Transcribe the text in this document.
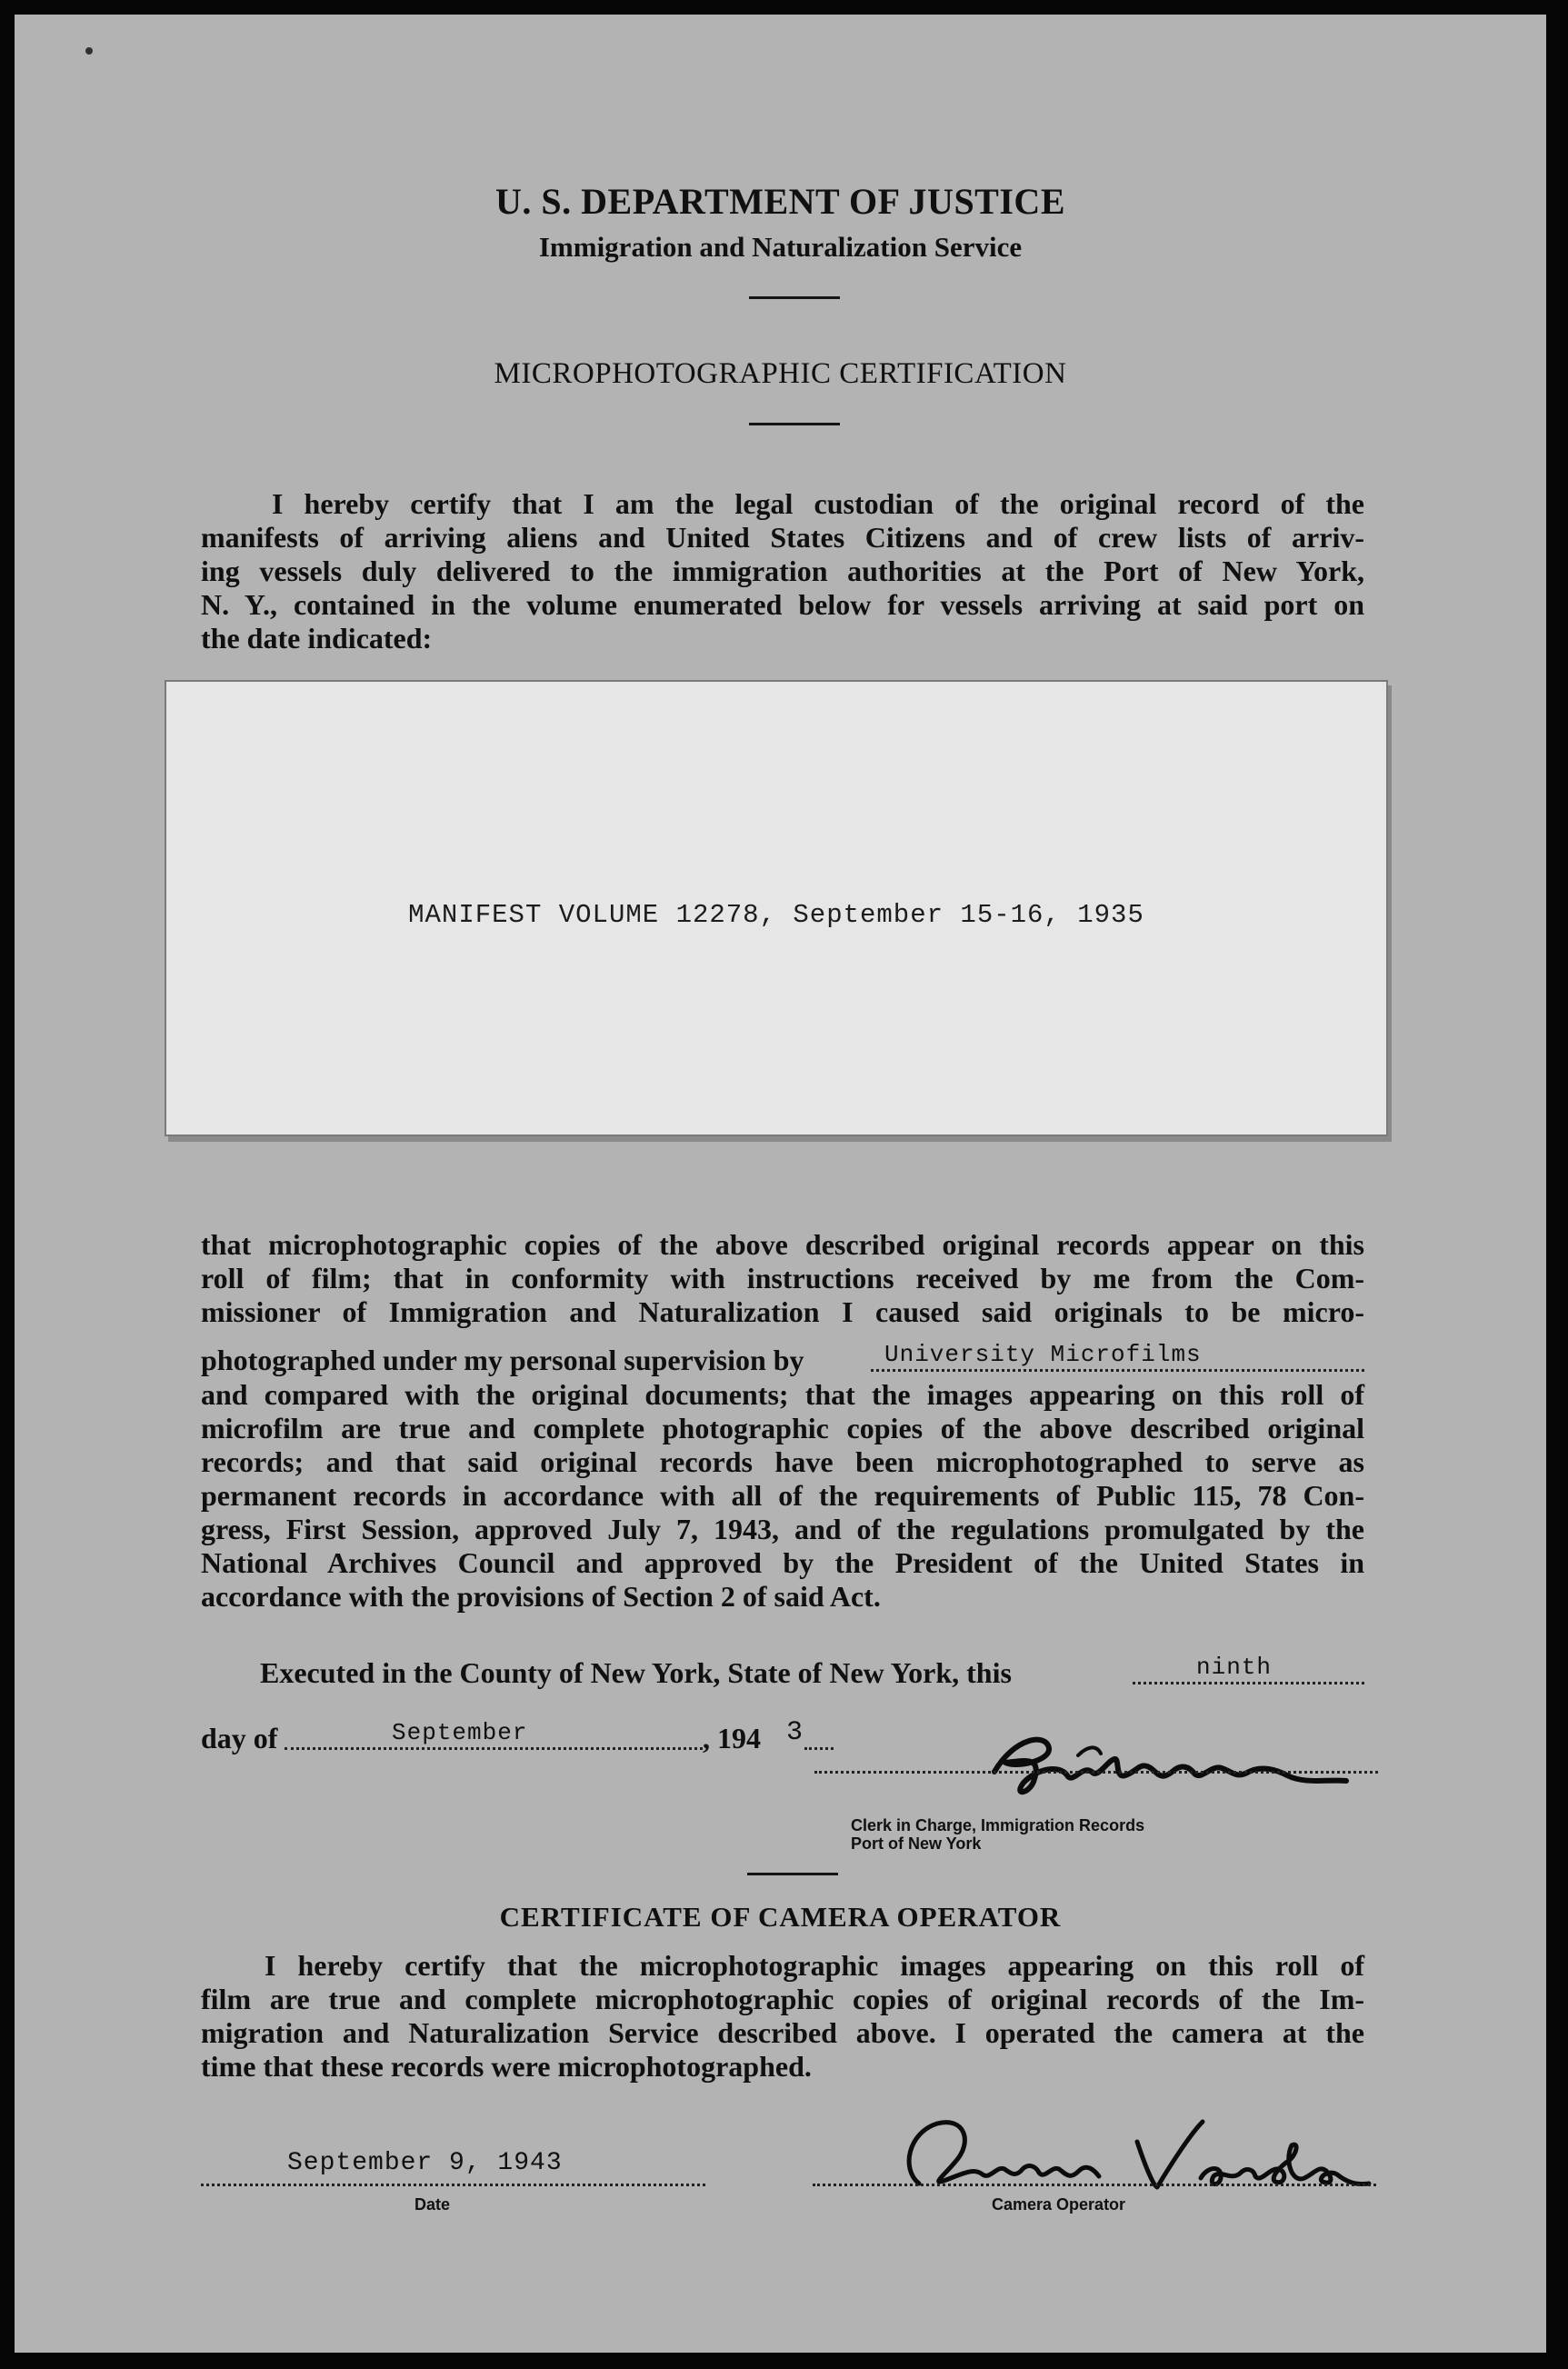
U. S. DEPARTMENT OF JUSTICE
Immigration and Naturalization Service
MICROPHOTOGRAPHIC CERTIFICATION
I hereby certify that I am the legal custodian of the original record of the
manifests of arriving aliens and United States Citizens and of crew lists of arriv-
ing vessels duly delivered to the immigration authorities at the Port of New York,
N. Y., contained in the volume enumerated below for vessels arriving at said port on
the date indicated:
MANIFEST VOLUME 12278, September 15-16, 1935
that microphotographic copies of the above described original records appear on this
roll of film; that in conformity with instructions received by me from the Com-
missioner of Immigration and Naturalization I caused said originals to be micro-
photographed under my personal supervision by	University Microfilms
and compared with the original documents; that the images appearing on this roll of
microfilm are true and complete photographic copies of the above described original
records; and that said original records have been microphotographed to serve as
permanent records in accordance with all of the requirements of Public 115, 78 Con-
gress, First Session, approved July 7, 1943, and of the regulations promulgated by the
National Archives Council and approved by the President of the United States in
accordance with the provisions of Section 2 of said Act.
Executed in the County of New York, State of New York, this	ninth
day of	September	, 194 3
Clerk in Charge, Immigration Records
Port of New York
CERTIFICATE OF CAMERA OPERATOR
I hereby certify that the microphotographic images appearing on this roll of
film are true and complete microphotographic copies of original records of the Im-
migration and Naturalization Service described above. I operated the camera at the
time that these records were microphotographed.
September 9, 1943
Date	Camera Operator
